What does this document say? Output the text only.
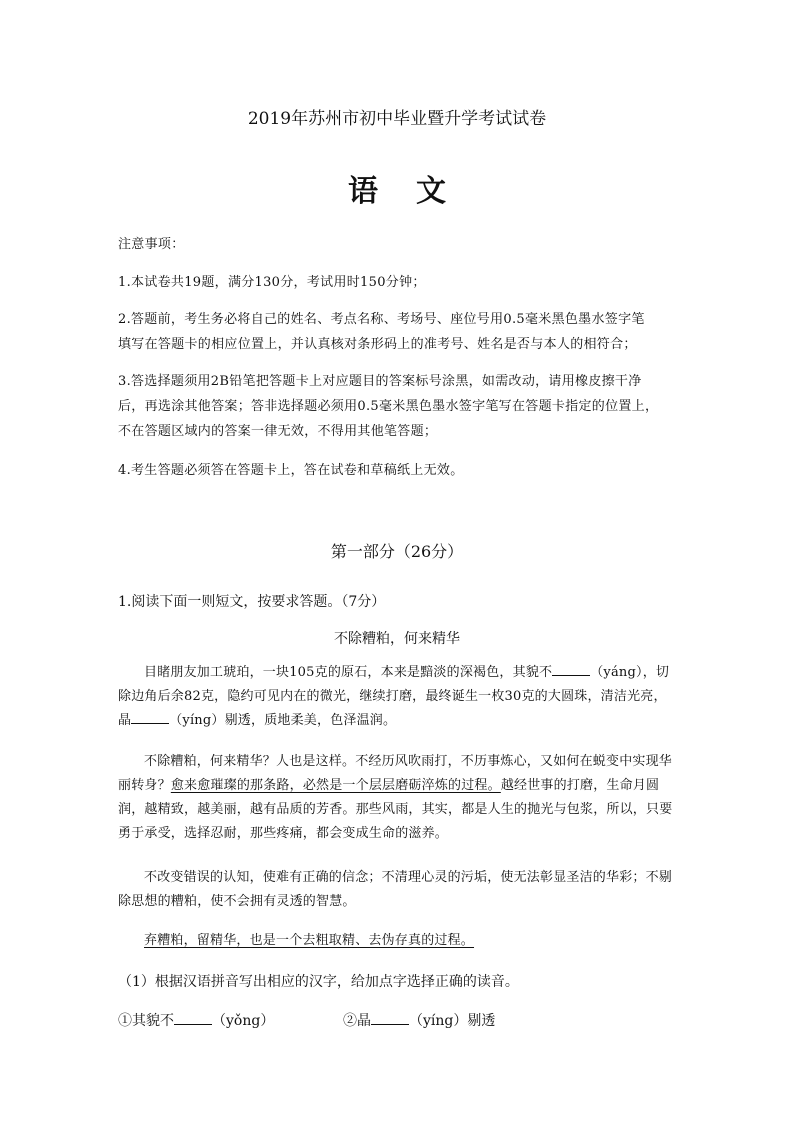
2019年苏州市初中毕业暨升学考试试卷
语 文
注意事项：
1.本试卷共19题，满分130分，考试用时150分钟；
2.答题前，考生务必将自己的姓名、考点名称、考场号、座位号用0.5毫米黑色墨水签字笔
填写在答题卡的相应位置上，并认真核对条形码上的准考号、姓名是否与本人的相符合；
3.答选择题须用2B铅笔把答题卡上对应题目的答案标号涂黑，如需改动，请用橡皮擦干净
后，再选涂其他答案；答非选择题必须用0.5毫米黑色墨水签字笔写在答题卡指定的位置上，
不在答题区域内的答案一律无效，不得用其他笔答题；
4.考生答题必须答在答题卡上，答在试卷和草稿纸上无效。
第一部分（26分）
1.阅读下面一则短文，按要求答题。（7分）
不除糟粕，何来精华
目睹朋友加工琥珀，一块105克的原石，本来是黯淡的深褐色，其貌不	（yáng），切除边角后余82克，隐约可见内在的微光，继续打磨，最终诞生一枚30克的大圆珠，清洁光亮，晶	（yíng）剔透，质地柔美，色泽温润。
不除糟粕，何来精华？人也是这样。不经历风吹雨打，不历事炼心，又如何在蜕变中实现华丽转身？愈来愈璀璨的那条路，必然是一个层层磨砺淬炼的过程。越经世事的打磨，生命月圆润，越精致，越美丽，越有品质的芳香。那些风雨，其实，都是人生的抛光与包浆，所以，只要勇于承受，选择忍耐，那些疼痛，都会变成生命的滋养。
不改变错误的认知，使难有正确的信念；不清理心灵的污垢，使无法彰显圣洁的华彩；不剔除思想的糟粕，使不会拥有灵透的智慧。
弃糟粕，留精华，也是一个去粗取精、去伪存真的过程。
（1）根据汉语拼音写出相应的汉字，给加点字选择正确的读音。
①其貌不	（yǒng）	②晶	（yíng）剔透
